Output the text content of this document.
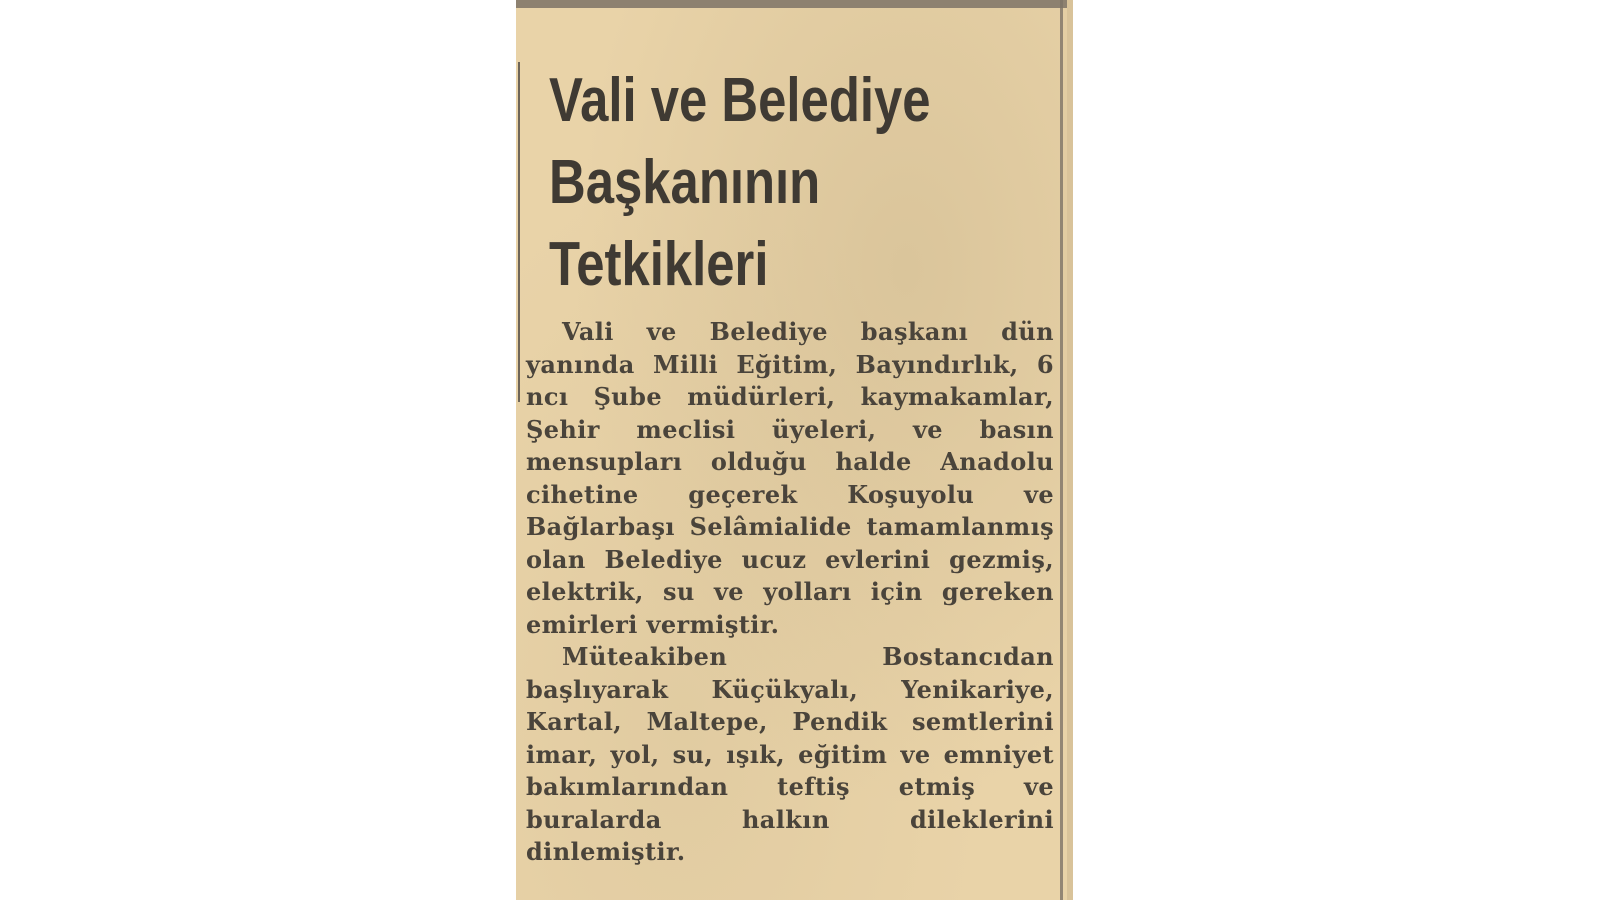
Vali ve Belediye
Başkanının
Tetkikleri

Vali ve Belediye başkanı dün yanında Milli Eğitim, Bayındırlık, 6 ncı Şube müdürleri, kaymakamlar, Şehir meclisi üyeleri, ve basın mensupları olduğu halde Anadolu cihetine geçerek Koşuyolu ve Bağlarbaşı Selâmialide tamamlanmış olan Belediye ucuz evlerini gezmiş, elektrik, su ve yolları için gereken emirleri vermiştir.

Müteakiben Bostancıdan başlıyarak Küçükyalı, Yenikariye, Kartal, Maltepe, Pendik semtlerini imar, yol, su, ışık, eğitim ve emniyet bakımlarından teftiş etmiş ve buralarda halkın dileklerini dinlemiştir.
